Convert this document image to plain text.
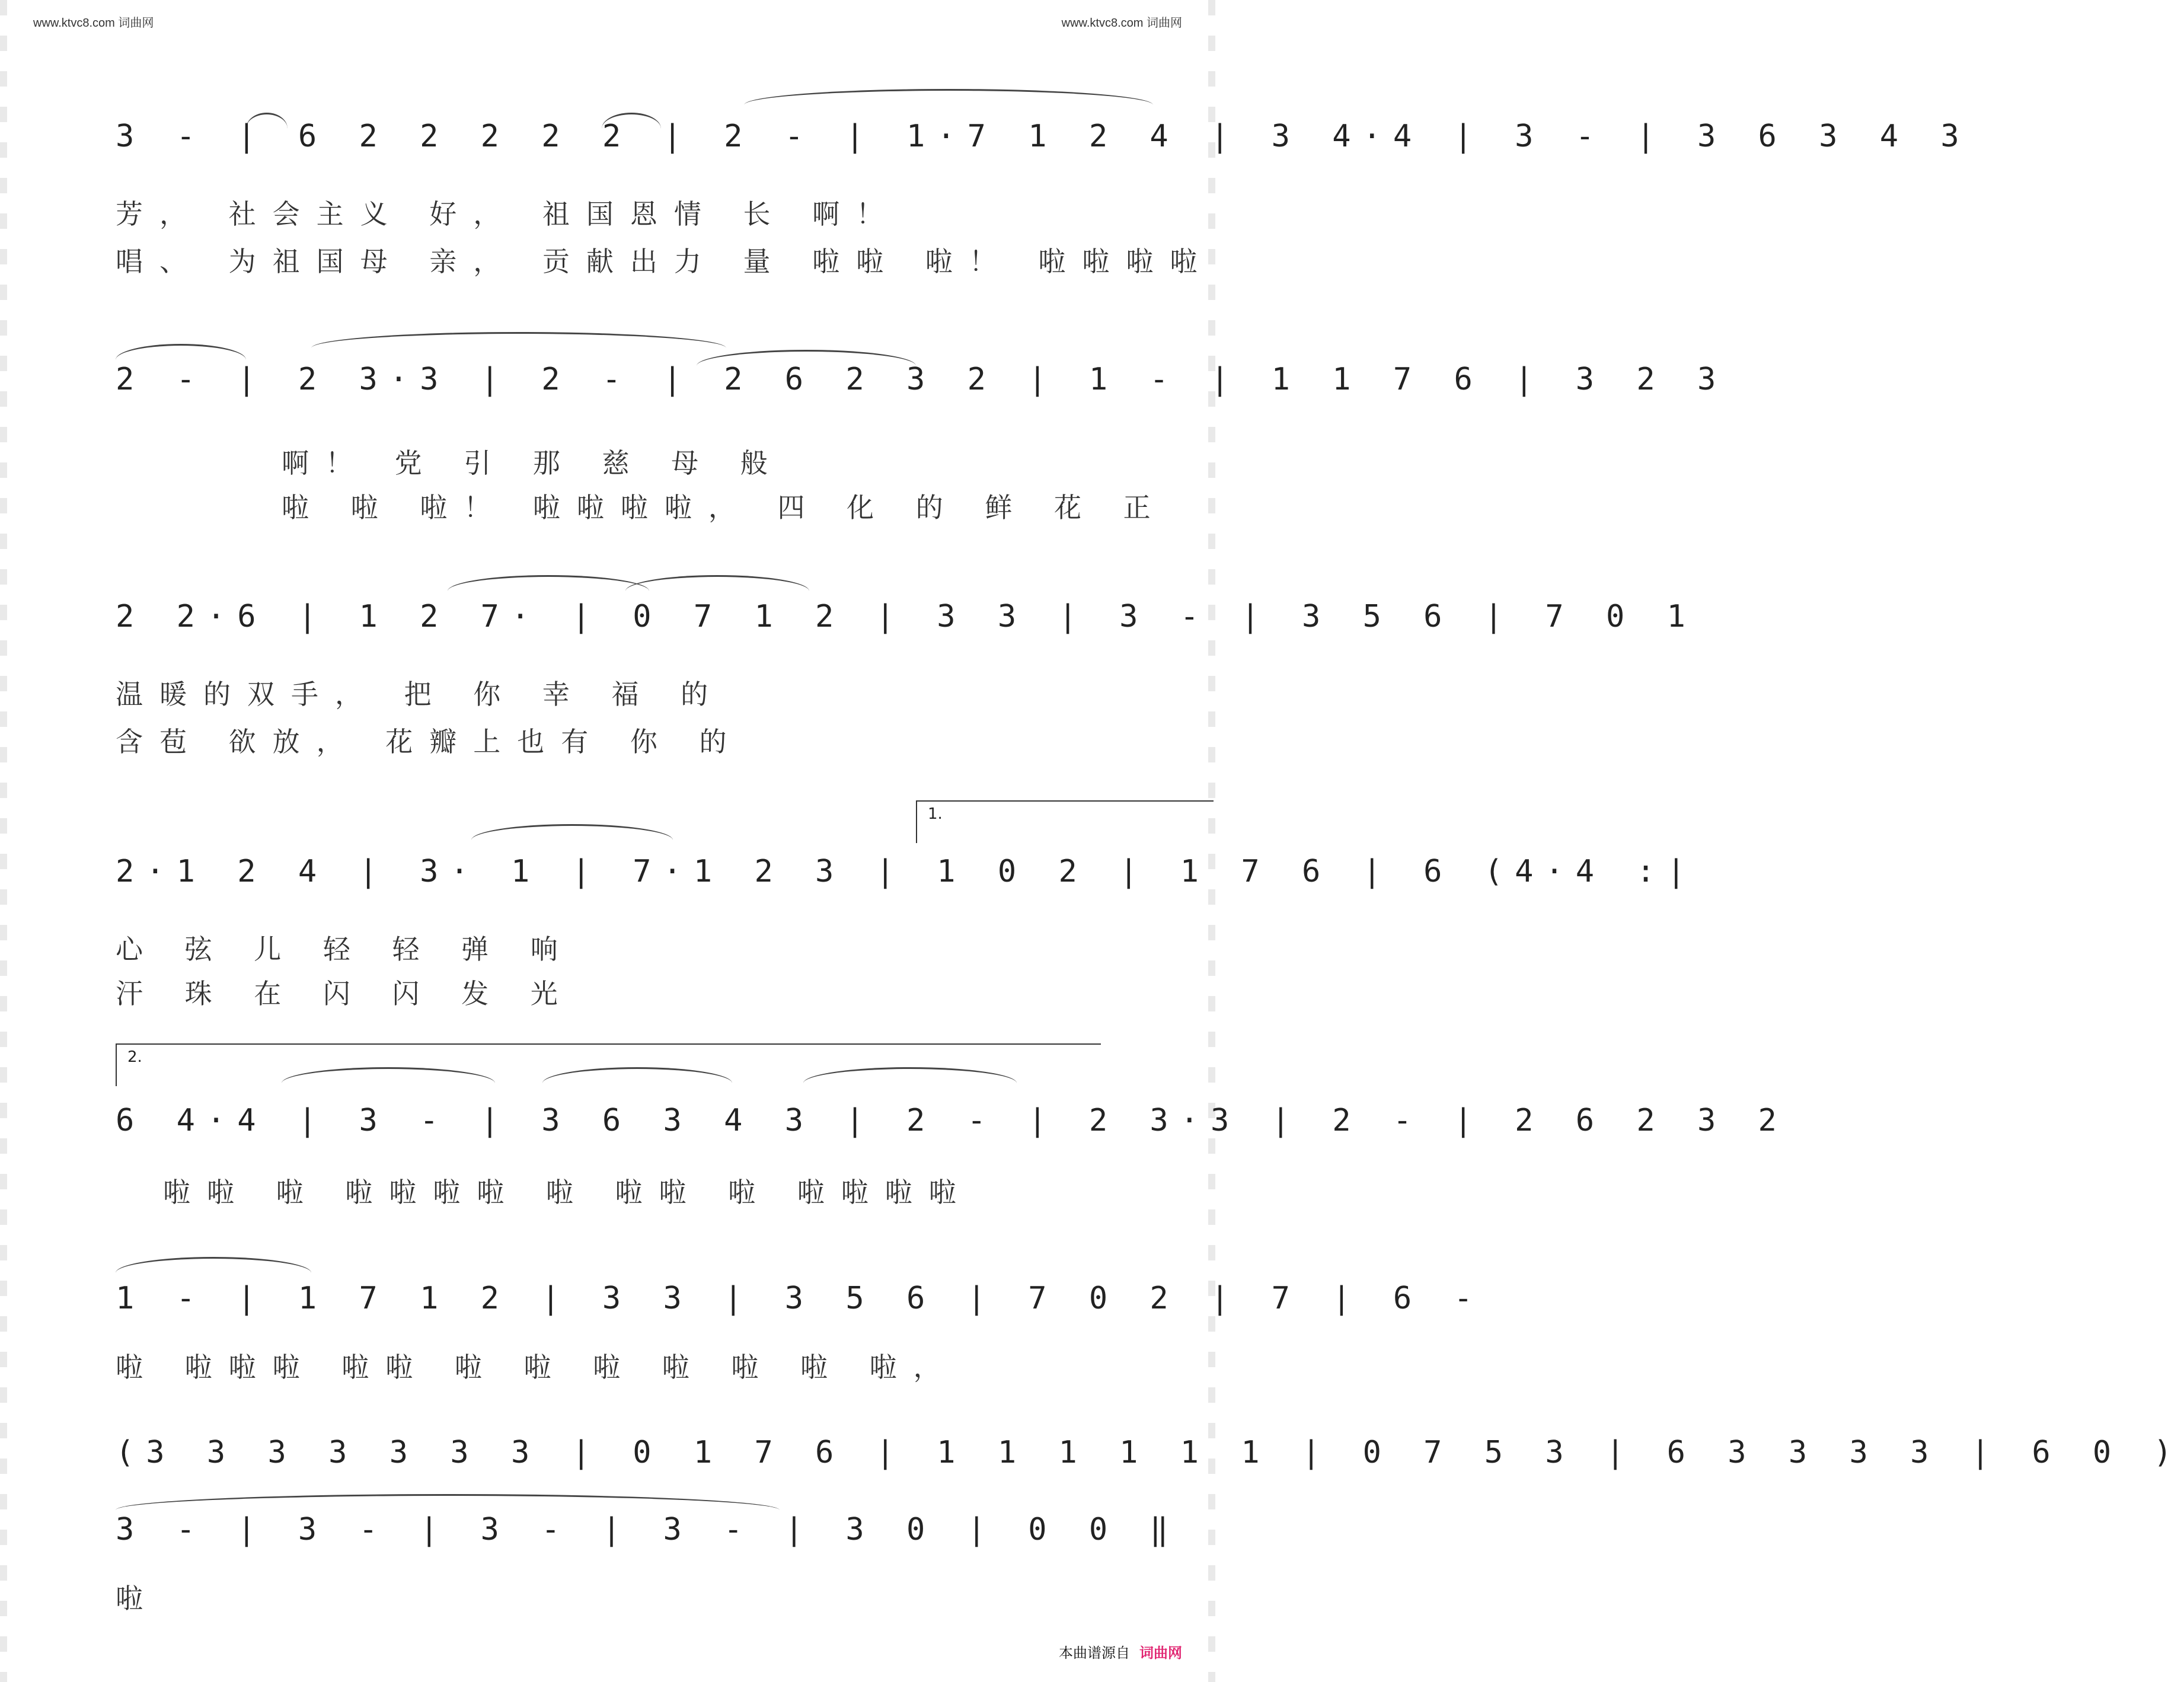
www.ktvc8.com 词曲网	www.ktvc8.com 词曲网
3 - | 6 2 2 2 2 2 | 2 - | 1·7 1 2 4 | 3 4·4 | 3 - | 3 6 3 4 3
芳， 社会主义 好， 祖国恩情 长 啊！
唱、 为祖国母 亲， 贡献出力 量 啦啦 啦！ 啦啦啦啦
2 - | 2 3·3 | 2 - | 2 6 2 3 2 | 1 - | 1 1 7 6 | 3 2 3
啊！ 党 引 那 慈 母 般
啦 啦 啦！ 啦啦啦啦， 四 化 的 鲜 花 正
2 2·6 | 1 2 7· | 0 7 1 2 | 3 3 | 3 - | 3 5 6 | 7 0 1
温暖的双手， 把 你 幸 福 的
含苞 欲放， 花瓣上也有 你 的
1.
2·1 2 4 | 3· 1 | 7·1 2 3 | 1 0 2 | 1 7 6 | 6 (4·4 :|
心 弦 儿 轻 轻 弹 响
汗 珠 在 闪 闪 发 光
2.
6 4·4 | 3 - | 3 6 3 4 3 | 2 - | 2 3·3 | 2 - | 2 6 2 3 2
啦啦 啦 啦啦啦啦 啦 啦啦 啦 啦啦啦啦
1 - | 1 7 1 2 | 3 3 | 3 5 6 | 7 0 2 | 7 | 6 -
啦 啦啦啦 啦啦 啦 啦 啦 啦 啦 啦 啦，
(3 3 3 3 3 3 3 | 0 1 7 6 | 1 1 1 1 1 1 | 0 7 5 3 | 6 3 3 3 3 | 6 0 )
3 - | 3 - | 3 - | 3 - | 3 0 | 0 0 ‖
啦
本曲谱源自 词曲网
